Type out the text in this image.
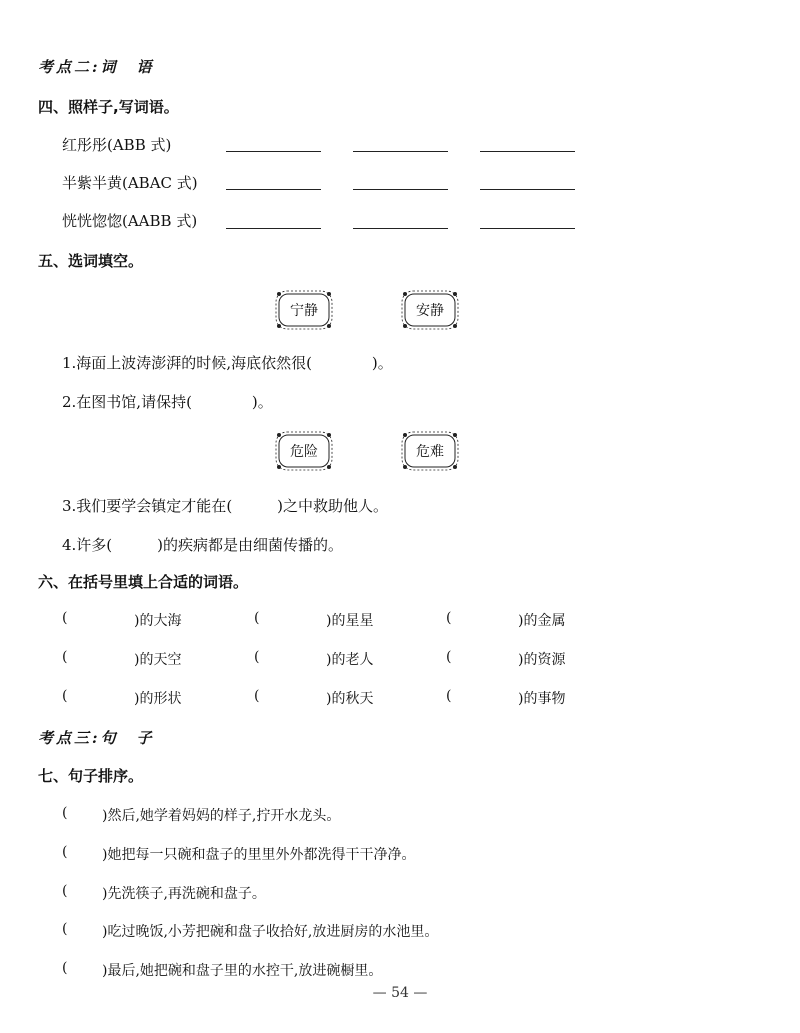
考点二:词　语
四、照样子,写词语。
红彤彤(ABB 式)
半紫半黄(ABAC 式)
恍恍惚惚(AABB 式)
五、选词填空。
宁静	安静
1.海面上波涛澎湃的时候,海底依然很(　　　　)。
2.在图书馆,请保持(　　　　)。
危险	危难
3.我们要学会镇定才能在(　　　)之中救助他人。
4.许多(　　　)的疾病都是由细菌传播的。
六、在括号里填上合适的词语。
(	)的大海	(	)的星星	(	)的金属
(	)的天空	(	)的老人	(	)的资源
(	)的形状	(	)的秋天	(	)的事物
考点三:句　子
七、句子排序。
( )然后,她学着妈妈的样子,拧开水龙头。
( )她把每一只碗和盘子的里里外外都洗得干干净净。
( )先洗筷子,再洗碗和盘子。
( )吃过晚饭,小芳把碗和盘子收拾好,放进厨房的水池里。
( )最后,她把碗和盘子里的水控干,放进碗橱里。
— 54 —
